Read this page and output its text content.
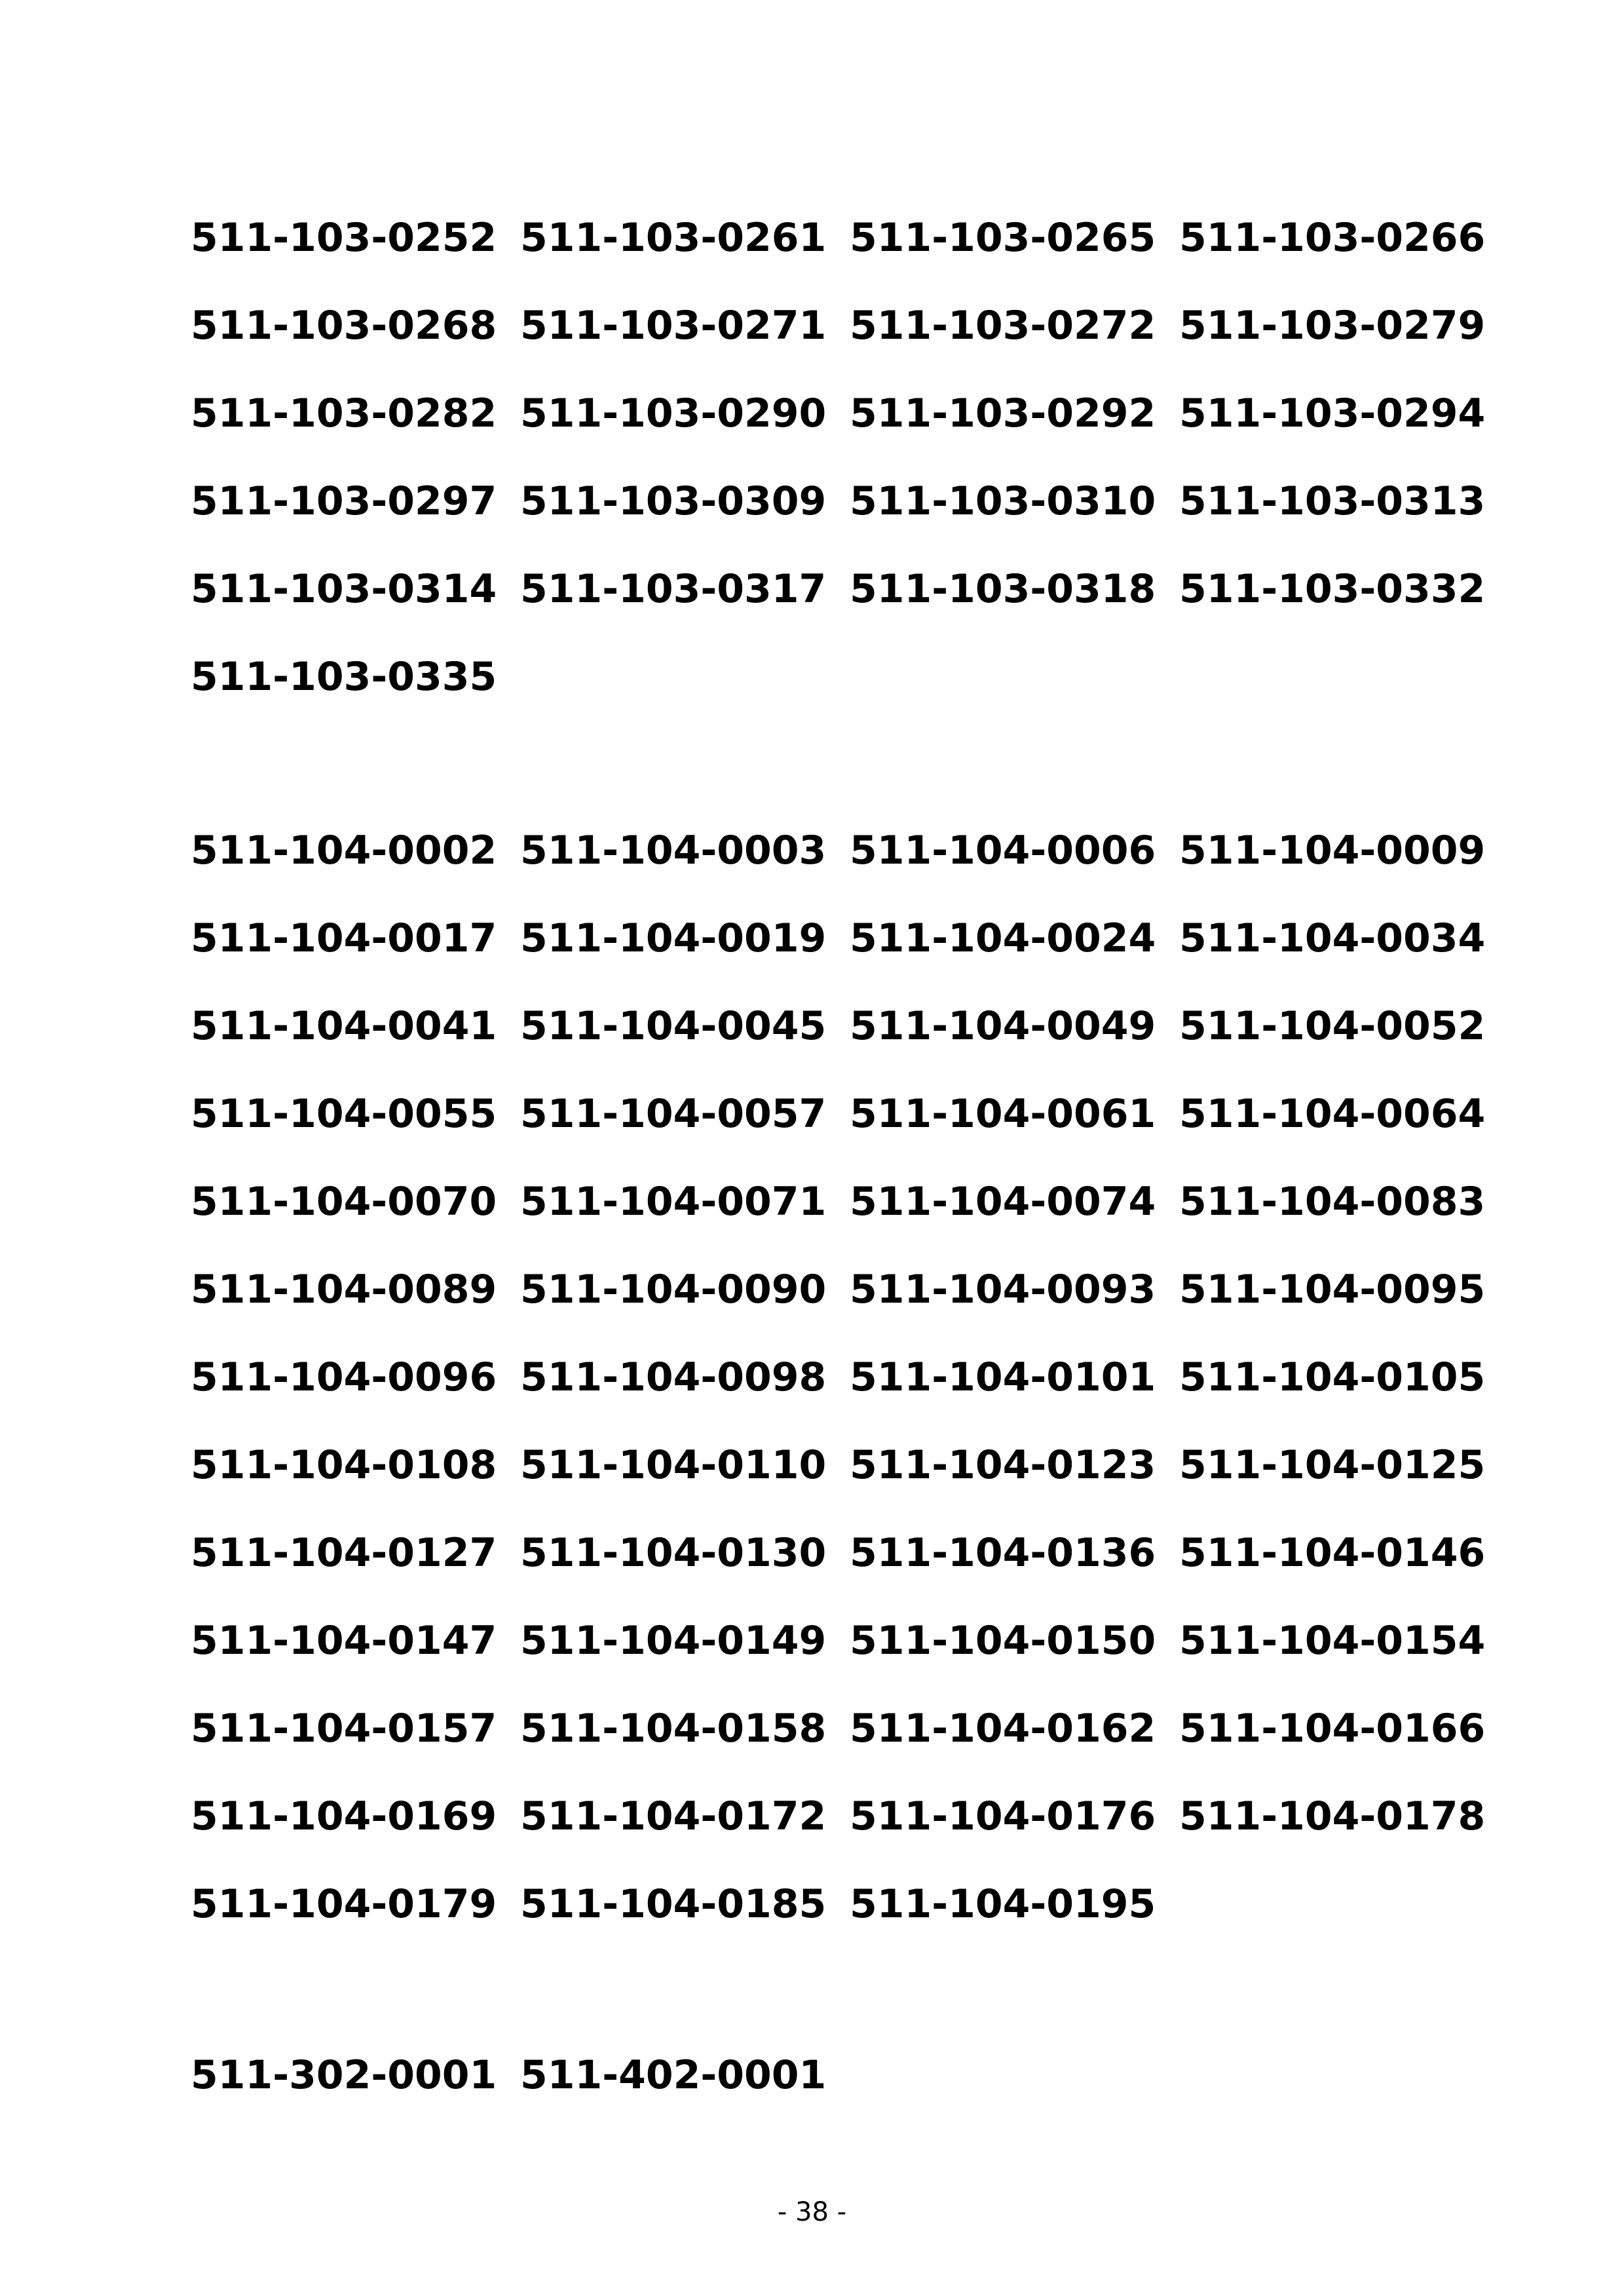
511-103-0252 511-103-0261 511-103-0265 511-103-0266
511-103-0268 511-103-0271 511-103-0272 511-103-0279
511-103-0282 511-103-0290 511-103-0292 511-103-0294
511-103-0297 511-103-0309 511-103-0310 511-103-0313
511-103-0314 511-103-0317 511-103-0318 511-103-0332
511-103-0335
511-104-0002 511-104-0003 511-104-0006 511-104-0009
511-104-0017 511-104-0019 511-104-0024 511-104-0034
511-104-0041 511-104-0045 511-104-0049 511-104-0052
511-104-0055 511-104-0057 511-104-0061 511-104-0064
511-104-0070 511-104-0071 511-104-0074 511-104-0083
511-104-0089 511-104-0090 511-104-0093 511-104-0095
511-104-0096 511-104-0098 511-104-0101 511-104-0105
511-104-0108 511-104-0110 511-104-0123 511-104-0125
511-104-0127 511-104-0130 511-104-0136 511-104-0146
511-104-0147 511-104-0149 511-104-0150 511-104-0154
511-104-0157 511-104-0158 511-104-0162 511-104-0166
511-104-0169 511-104-0172 511-104-0176 511-104-0178
511-104-0179 511-104-0185 511-104-0195
511-302-0001 511-402-0001
- 38 -
